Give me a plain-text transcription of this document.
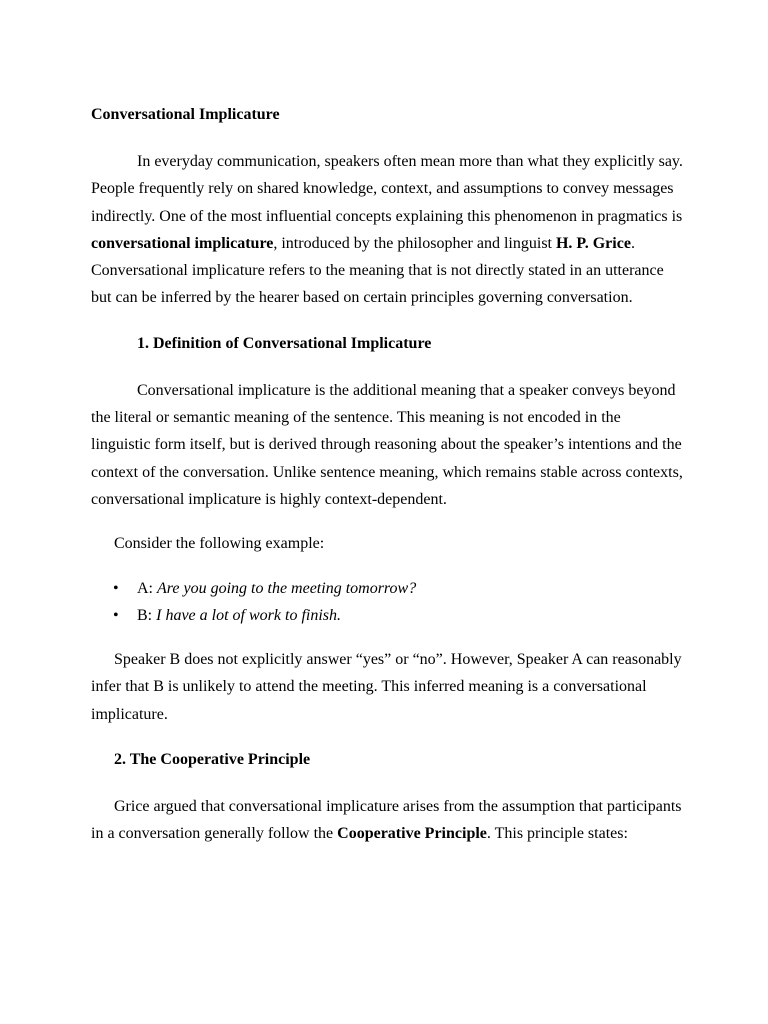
Conversational Implicature

In everyday communication, speakers often mean more than what they explicitly say. People frequently rely on shared knowledge, context, and assumptions to convey messages indirectly. One of the most influential concepts explaining this phenomenon in pragmatics is conversational implicature, introduced by the philosopher and linguist H. P. Grice. Conversational implicature refers to the meaning that is not directly stated in an utterance but can be inferred by the hearer based on certain principles governing conversation.

1. Definition of Conversational Implicature

Conversational implicature is the additional meaning that a speaker conveys beyond the literal or semantic meaning of the sentence. This meaning is not encoded in the linguistic form itself, but is derived through reasoning about the speaker’s intentions and the context of the conversation. Unlike sentence meaning, which remains stable across contexts, conversational implicature is highly context-dependent.

Consider the following example:

• A: Are you going to the meeting tomorrow?
• B: I have a lot of work to finish.

Speaker B does not explicitly answer “yes” or “no”. However, Speaker A can reasonably infer that B is unlikely to attend the meeting. This inferred meaning is a conversational implicature.

2. The Cooperative Principle

Grice argued that conversational implicature arises from the assumption that participants in a conversation generally follow the Cooperative Principle. This principle states:
